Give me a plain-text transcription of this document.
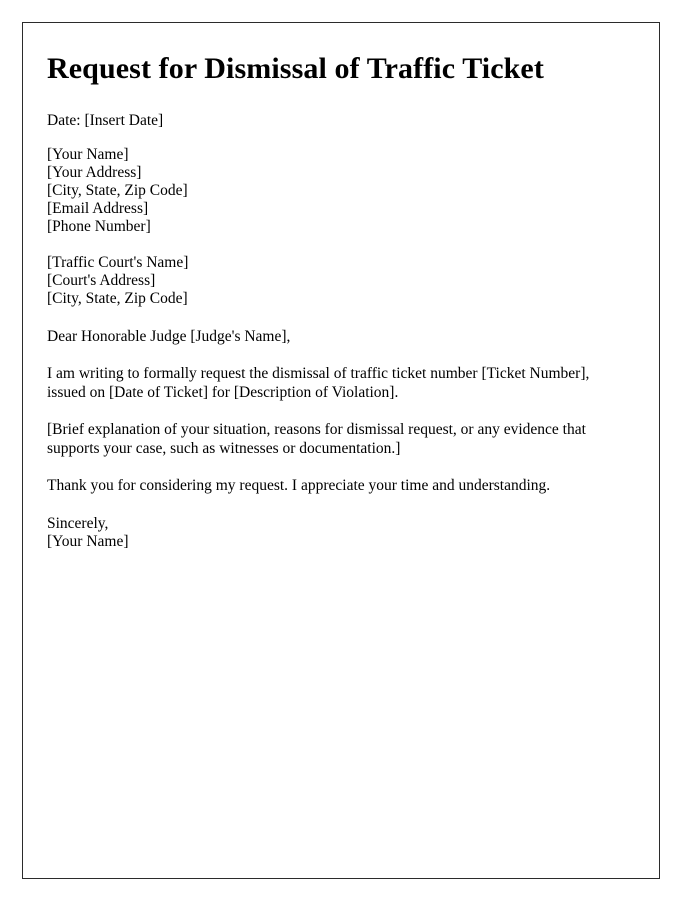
Request for Dismissal of Traffic Ticket
Date: [Insert Date]
[Your Name]
[Your Address]
[City, State, Zip Code]
[Email Address]
[Phone Number]
[Traffic Court's Name]
[Court's Address]
[City, State, Zip Code]
Dear Honorable Judge [Judge's Name],

I am writing to formally request the dismissal of traffic ticket number [Ticket Number], issued on [Date of Ticket] for [Description of Violation].

[Brief explanation of your situation, reasons for dismissal request, or any evidence that supports your case, such as witnesses or documentation.]

Thank you for considering my request. I appreciate your time and understanding.

Sincerely,
[Your Name]
